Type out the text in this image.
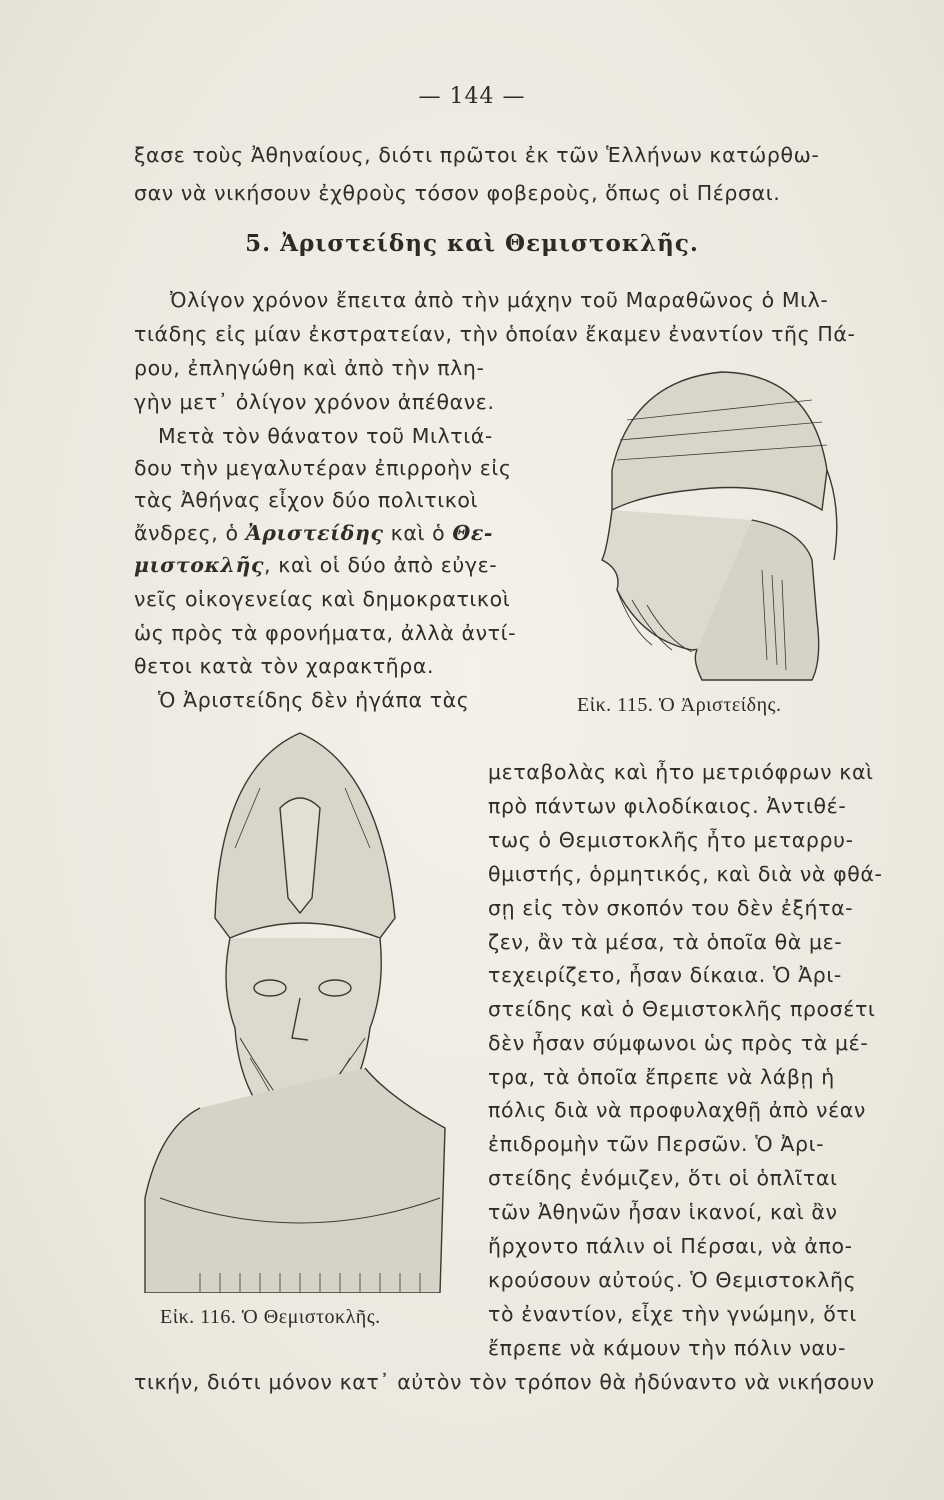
— 144 —
ξασε τοὺς Ἀθηναίους, διότι πρῶτοι ἐκ τῶν Ἑλλήνων κατώρθω-
σαν νὰ νικήσουν ἐχθροὺς τόσον φοβεροὺς, ὅπως οἱ Πέρσαι.
5. Ἀριστείδης καὶ Θεμιστοκλῆς.
Ὀλίγον χρόνον ἔπειτα ἀπὸ τὴν μάχην τοῦ Μαραθῶνος ὁ Μιλ-
τιάδης εἰς μίαν ἐκστρατείαν, τὴν ὁποίαν ἔκαμεν ἐναντίον τῆς Πά-
ρου, ἐπληγώθη καὶ ἀπὸ τὴν πλη-
γὴν μετ᾿ ὀλίγον χρόνον ἀπέθανε.
Μετὰ τὸν θάνατον τοῦ Μιλτιά-
δου τὴν μεγαλυτέραν ἐπιρροὴν εἰς
τὰς Ἀθήνας εἶχον δύο πολιτικοὶ
ἄνδρες, ὁ Ἀριστείδης καὶ ὁ Θε-
μιστοκλῆς, καὶ οἱ δύο ἀπὸ εὐγε-
νεῖς οἰκογενείας καὶ δημοκρατικοὶ
ὡς πρὸς τὰ φρονήματα, ἀλλὰ ἀντί-
θετοι κατὰ τὸν χαρακτῆρα.
Ὁ Ἀριστείδης δὲν ἠγάπα τὰς	Εἰκ. 115. Ὁ Ἀριστείδης.
Εἰκ. 116. Ὁ Θεμιστοκλῆς.
μεταβολὰς καὶ ἦτο μετριόφρων καὶ
πρὸ πάντων φιλοδίκαιος. Ἀντιθέ-
τως ὁ Θεμιστοκλῆς ἦτο μεταρρυ-
θμιστής, ὁρμητικός, καὶ διὰ νὰ φθά-
σῃ εἰς τὸν σκοπόν του δὲν ἐξήτα-
ζεν, ἂν τὰ μέσα, τὰ ὁποῖα θὰ με-
τεχειρίζετο, ἦσαν δίκαια. Ὁ Ἀρι-
στείδης καὶ ὁ Θεμιστοκλῆς προσέτι
δὲν ἦσαν σύμφωνοι ὡς πρὸς τὰ μέ-
τρα, τὰ ὁποῖα ἔπρεπε νὰ λάβῃ ἡ
πόλις διὰ νὰ προφυλαχθῇ ἀπὸ νέαν
ἐπιδρομὴν τῶν Περσῶν. Ὁ Ἀρι-
στείδης ἐνόμιζεν, ὅτι οἱ ὁπλῖται
τῶν Ἀθηνῶν ἦσαν ἱκανοί, καὶ ἂν
ἤρχοντο πάλιν οἱ Πέρσαι, νὰ ἀπο-
κρούσουν αὐτούς. Ὁ Θεμιστοκλῆς
τὸ ἐναντίον, εἶχε τὴν γνώμην, ὅτι
ἔπρεπε νὰ κάμουν τὴν πόλιν ναυ-
τικήν, διότι μόνον κατ᾿ αὐτὸν τὸν τρόπον θὰ ἠδύναντο νὰ νικήσουν
